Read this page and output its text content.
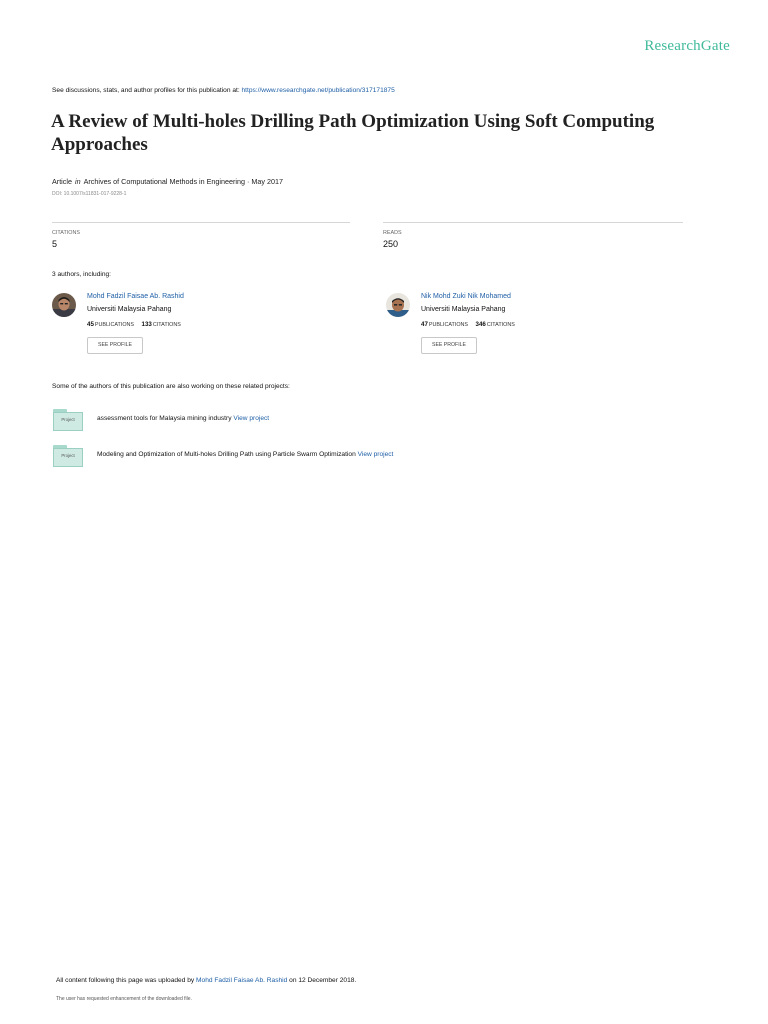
ResearchGate
See discussions, stats, and author profiles for this publication at: https://www.researchgate.net/publication/317171875
A Review of Multi-holes Drilling Path Optimization Using Soft Computing Approaches
Article in Archives of Computational Methods in Engineering · May 2017
DOI: 10.1007/s11831-017-9228-1
CITATIONS
5
READS
250
3 authors, including:
Mohd Fadzil Faisae Ab. Rashid
Universiti Malaysia Pahang
45PUBLICATIONS 133CITATIONS
SEE PROFILE
Nik Mohd Zuki Nik Mohamed
Universiti Malaysia Pahang
47PUBLICATIONS 346CITATIONS
SEE PROFILE
Some of the authors of this publication are also working on these related projects:
Project	assessment tools for Malaysia mining industry View project
Project	Modeling and Optimization of Multi-holes Drilling Path using Particle Swarm Optimization View project
All content following this page was uploaded by Mohd Fadzil Faisae Ab. Rashid on 12 December 2018.
The user has requested enhancement of the downloaded file.
